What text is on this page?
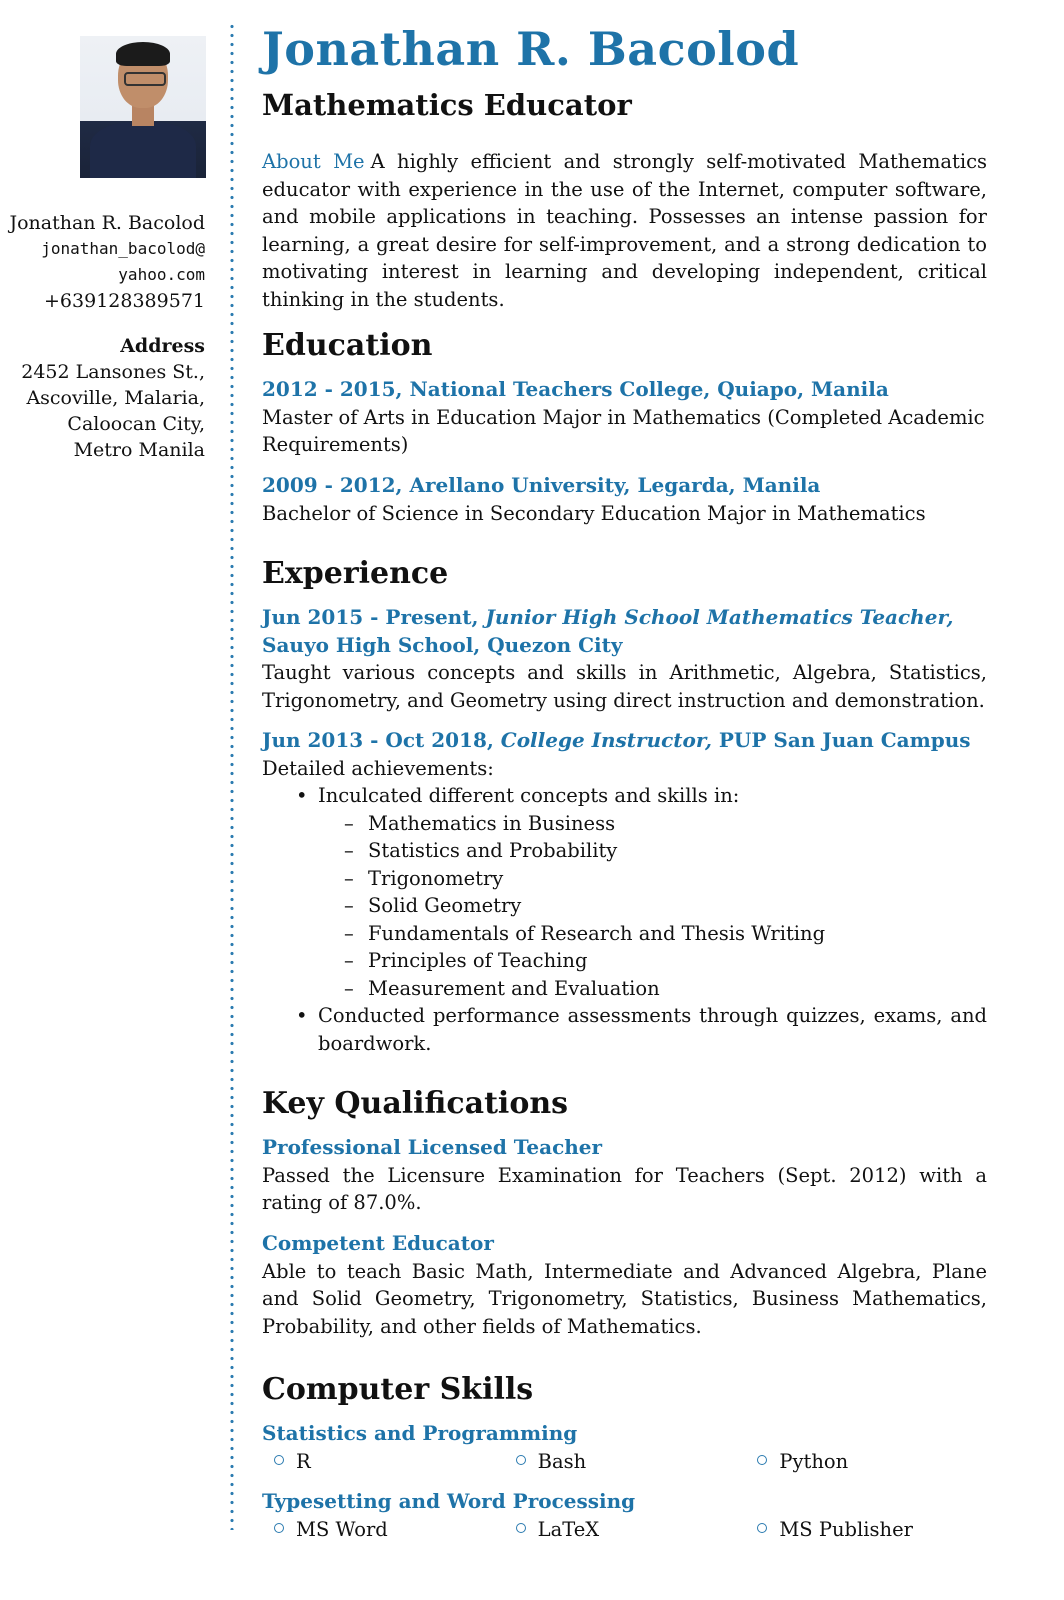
Jonathan R. Bacolod
jonathan_bacolod@
yahoo.com
+639128389571
Address
2452 Lansones St.,
Ascoville, Malaria,
Caloocan City,
Metro Manila
Jonathan R. Bacolod
Mathematics Educator
About Me A highly efficient and strongly self-motivated Mathematics educator with experience in the use of the Internet, computer software, and mobile applications in teaching. Possesses an intense passion for learning, a great desire for self-improvement, and a strong dedication to motivating interest in learning and developing independent, critical thinking in the students.
Education
2012 - 2015, National Teachers College, Quiapo, Manila
Master of Arts in Education Major in Mathematics (Completed Academic Requirements)
2009 - 2012, Arellano University, Legarda, Manila
Bachelor of Science in Secondary Education Major in Mathematics
Experience
Jun 2015 - Present, Junior High School Mathematics Teacher, Sauyo High School, Quezon City
Taught various concepts and skills in Arithmetic, Algebra, Statistics, Trigonometry, and Geometry using direct instruction and demonstration.
Jun 2013 - Oct 2018, College Instructor, PUP San Juan Campus
Detailed achievements:
• Inculcated different concepts and skills in:
– Mathematics in Business
– Statistics and Probability
– Trigonometry
– Solid Geometry
– Fundamentals of Research and Thesis Writing
– Principles of Teaching
– Measurement and Evaluation
• Conducted performance assessments through quizzes, exams, and boardwork.
Key Qualifications
Professional Licensed Teacher
Passed the Licensure Examination for Teachers (Sept. 2012) with a rating of 87.0%.
Competent Educator
Able to teach Basic Math, Intermediate and Advanced Algebra, Plane and Solid Geometry, Trigonometry, Statistics, Business Mathematics, Probability, and other fields of Mathematics.
Computer Skills
Statistics and Programming
R	Bash	Python
Typesetting and Word Processing
MS Word	LaTeX	MS Publisher
